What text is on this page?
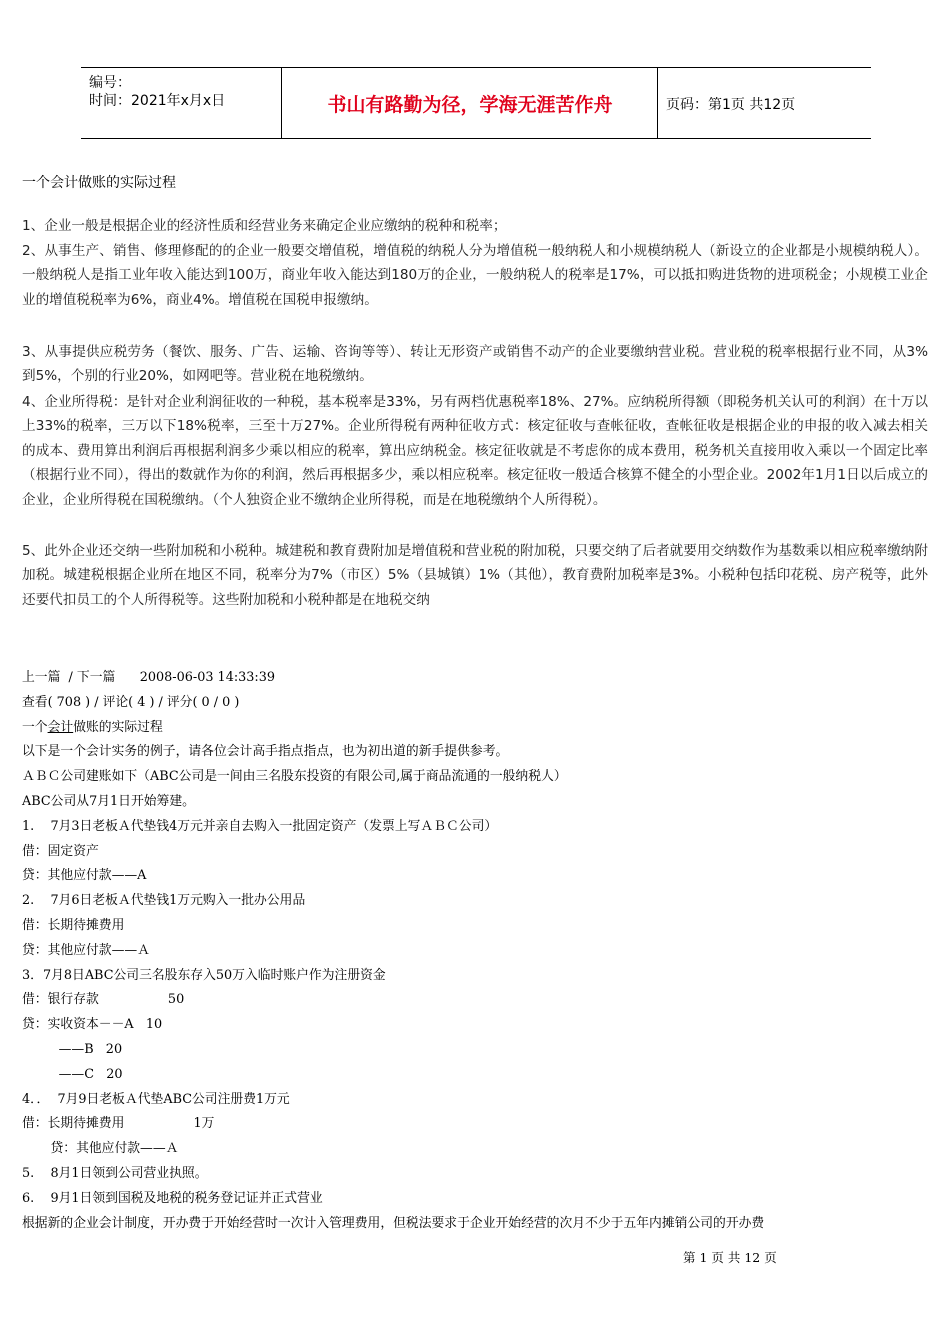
编号：
时间：2021年x月x日	书山有路勤为径，学海无涯苦作舟	页码：第1页 共12页
一个会计做账的实际过程
1、企业一般是根据企业的经济性质和经营业务来确定企业应缴纳的税种和税率；
2、从事生产、销售、修理修配的的企业一般要交增值税，增值税的纳税人分为增值税一般纳税人和小规模纳税人（新设立的企业都是小规模纳税人）。一般纳税人是指工业年收入能达到100万，商业年收入能达到180万的企业，一般纳税人的税率是17%，可以抵扣购进货物的进项税金；小规模工业企业的增值税税率为6%，商业4%。增值税在国税申报缴纳。
3、从事提供应税劳务（餐饮、服务、广告、运输、咨询等等）、转让无形资产或销售不动产的企业要缴纳营业税。营业税的税率根据行业不同，从3%到5%，个别的行业20%，如网吧等。营业税在地税缴纳。
4、企业所得税：是针对企业利润征收的一种税，基本税率是33%，另有两档优惠税率18%、27%。应纳税所得额（即税务机关认可的利润）在十万以上33%的税率，三万以下18%税率，三至十万27%。企业所得税有两种征收方式：核定征收与查帐征收，查帐征收是根据企业的申报的收入减去相关的成本、费用算出利润后再根据利润多少乘以相应的税率，算出应纳税金。核定征收就是不考虑你的成本费用，税务机关直接用收入乘以一个固定比率（根据行业不同），得出的数就作为你的利润，然后再根据多少，乘以相应税率。核定征收一般适合核算不健全的小型企业。2002年1月1日以后成立的企业，企业所得税在国税缴纳。（个人独资企业不缴纳企业所得税，而是在地税缴纳个人所得税）。
5、此外企业还交纳一些附加税和小税种。城建税和教育费附加是增值税和营业税的附加税，只要交纳了后者就要用交纳数作为基数乘以相应税率缴纳附加税。城建税根据企业所在地区不同，税率分为7%（市区）5%（县城镇）1%（其他），教育费附加税率是3%。小税种包括印花税、房产税等，此外还要代扣员工的个人所得税等。这些附加税和小税种都是在地税交纳
上一篇  / 下一篇      2008-06-03 14:33:39
查看( 708 ) / 评论( 4 ) / 评分( 0 / 0 )
一个会计做账的实际过程
以下是一个会计实务的例子，请各位会计高手指点指点，也为初出道的新手提供参考。
ＡＢＣ公司建账如下（ABC公司是一间由三名股东投资的有限公司,属于商品流通的一般纳税人）
ABC公司从7月1日开始筹建。
1.    7月3日老板Ａ代垫钱4万元并亲自去购入一批固定资产（发票上写ＡＢＣ公司）
借：固定资产
贷：其他应付款——A
2.    7月6日老板Ａ代垫钱1万元购入一批办公用品
借：长期待摊费用
贷：其他应付款——Ａ
3．7月8日ABC公司三名股东存入50万入临时账户作为注册资金
借：银行存款                 50
贷：实收资本－－A   10
——B   20
——C   20
4．．  7月9日老板Ａ代垫ABC公司注册费1万元
借：长期待摊费用                 1万
贷：其他应付款——Ａ
5.    8月1日领到公司营业执照。
6.    9月1日领到国税及地税的税务登记证并正式营业
根据新的企业会计制度，开办费于开始经营时一次计入管理费用，但税法要求于企业开始经营的次月不少于五年内摊销公司的开办费
第 1 页 共 12 页
